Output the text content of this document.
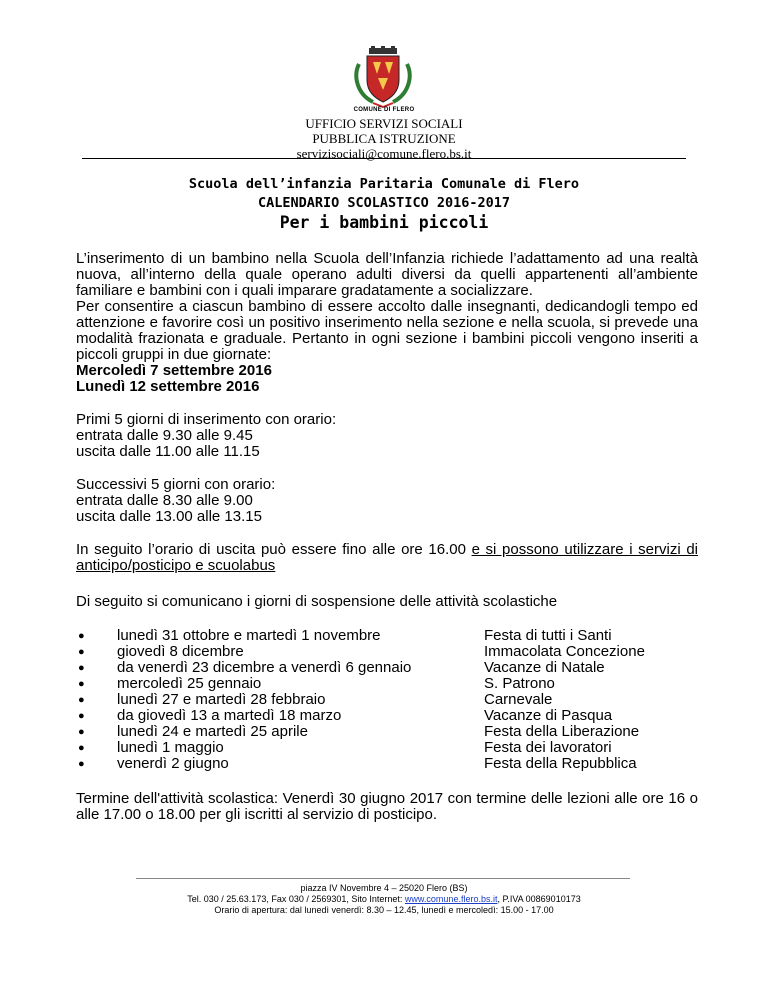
COMUNE DI FLERO
UFFICIO SERVIZI SOCIALI
PUBBLICA ISTRUZIONE
servizisociali@comune.flero.bs.it
Scuola dell’infanzia Paritaria Comunale di Flero
CALENDARIO SCOLASTICO 2016-2017
Per i bambini piccoli

L’inserimento di un bambino nella Scuola dell’Infanzia richiede l’adattamento ad una realtà nuova, all’interno della quale operano adulti diversi da quelli appartenenti all’ambiente familiare e bambini con i quali imparare gradatamente a socializzare.

Per consentire a ciascun bambino di essere accolto dalle insegnanti, dedicandogli tempo ed attenzione e favorire così un positivo inserimento nella sezione e nella scuola, si prevede una modalità frazionata e graduale. Pertanto in ogni sezione i bambini piccoli vengono inseriti a piccoli gruppi in due giornate:

Mercoledì 7 settembre 2016
Lunedì 12 settembre 2016
Primi 5 giorni di inserimento con orario:
entrata dalle 9.30 alle 9.45
uscita dalle 11.00 alle 11.15
Successivi 5 giorni con orario:
entrata dalle 8.30 alle 9.00
uscita dalle 13.00 alle 13.15
In seguito l’orario di uscita può essere fino alle ore 16.00 e si possono utilizzare i servizi di anticipo/posticipo e scuolabus
Di seguito si comunicano i giorni di sospensione delle attività scolastiche
● lunedì 31 ottobre e martedì 1 novembre	Festa di tutti i Santi
● giovedì 8 dicembre	Immacolata Concezione
● da venerdì 23 dicembre a venerdì 6 gennaio	Vacanze di Natale
● mercoledì 25 gennaio	S. Patrono
● lunedì 27 e martedì 28 febbraio	Carnevale
● da giovedì 13 a martedì 18 marzo	Vacanze di Pasqua
● lunedì 24 e martedì 25 aprile	Festa della Liberazione
● lunedì 1 maggio	Festa dei lavoratori
● venerdì 2 giugno	Festa della Repubblica
Termine dell'attività scolastica: Venerdì 30 giugno 2017 con termine delle lezioni alle ore 16 o alle 17.00 o 18.00 per gli iscritti al servizio di posticipo.
piazza IV Novembre 4 – 25020 Flero (BS)
Tel. 030 / 25.63.173, Fax 030 / 2569301, Sito Internet: www.comune.flero.bs.it, P.IVA 00869010173
Orario di apertura: dal lunedì venerdì: 8.30 – 12.45, lunedì e mercoledì: 15.00 - 17.00
